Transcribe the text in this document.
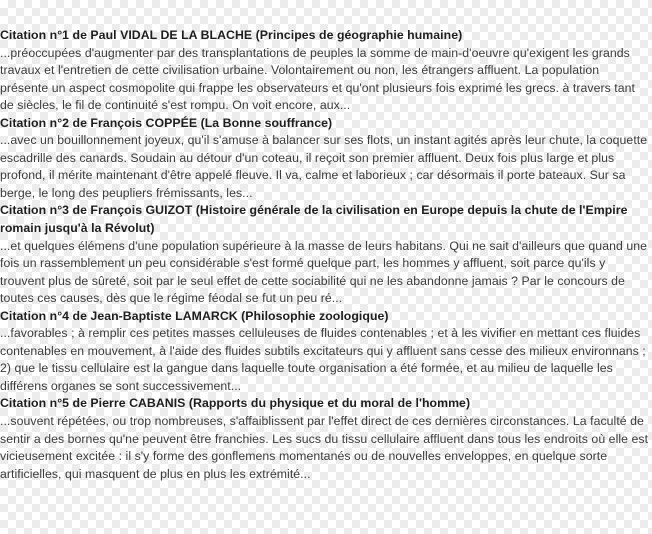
Citation n°1 de Paul VIDAL DE LA BLACHE (Principes de géographie humaine)
...préoccupées d'augmenter par des transplantations de peuples la somme de main-d'oeuvre qu'exigent les grands travaux et l'entretien de cette civilisation urbaine. Volontairement ou non, les étrangers affluent. La population présente un aspect cosmopolite qui frappe les observateurs et qu'ont plusieurs fois exprimé les grecs. à travers tant de siècles, le fil de continuité s'est rompu. On voit encore, aux...
Citation n°2 de François COPPÉE (La Bonne souffrance)
...avec un bouillonnement joyeux, qu'il s'amuse à balancer sur ses flots, un instant agités après leur chute, la coquette escadrille des canards. Soudain au détour d'un coteau, il reçoit son premier affluent. Deux fois plus large et plus profond, il mérite maintenant d'être appelé fleuve. Il va, calme et laborieux ; car désormais il porte bateaux. Sur sa berge, le long des peupliers frémissants, les...
Citation n°3 de François GUIZOT (Histoire générale de la civilisation en Europe depuis la chute de l'Empire romain jusqu'à la Révolut)
...et quelques élémens d'une population supérieure à la masse de leurs habitans. Qui ne sait d'ailleurs que quand une fois un rassemblement un peu considérable s'est formé quelque part, les hommes y affluent, soit parce qu'ils y trouvent plus de sûreté, soit par le seul effet de cette sociabilité qui ne les abandonne jamais ? Par le concours de toutes ces causes, dès que le régime féodal se fut un peu ré...
Citation n°4 de Jean-Baptiste LAMARCK (Philosophie zoologique)
...favorables ; à remplir ces petites masses celluleuses de fluides contenables ; et à les vivifier en mettant ces fluides contenables en mouvement, à l'aide des fluides subtils excitateurs qui y affluent sans cesse des milieux environnans ; 2) que le tissu cellulaire est la gangue dans laquelle toute organisation a été formée, et au milieu de laquelle les différens organes se sont successivement...
Citation n°5 de Pierre CABANIS (Rapports du physique et du moral de l'homme)
...souvent répétées, ou trop nombreuses, s'affaiblissent par l'effet direct de ces dernières circonstances. La faculté de sentir a des bornes qu'ne peuvent être franchies. Les sucs du tissu cellulaire affluent dans tous les endroits où elle est vicieusement excitée : il s'y forme des gonflemens momentanés ou de nouvelles enveloppes, en quelque sorte artificielles, qui masquent de plus en plus les extrémité...
